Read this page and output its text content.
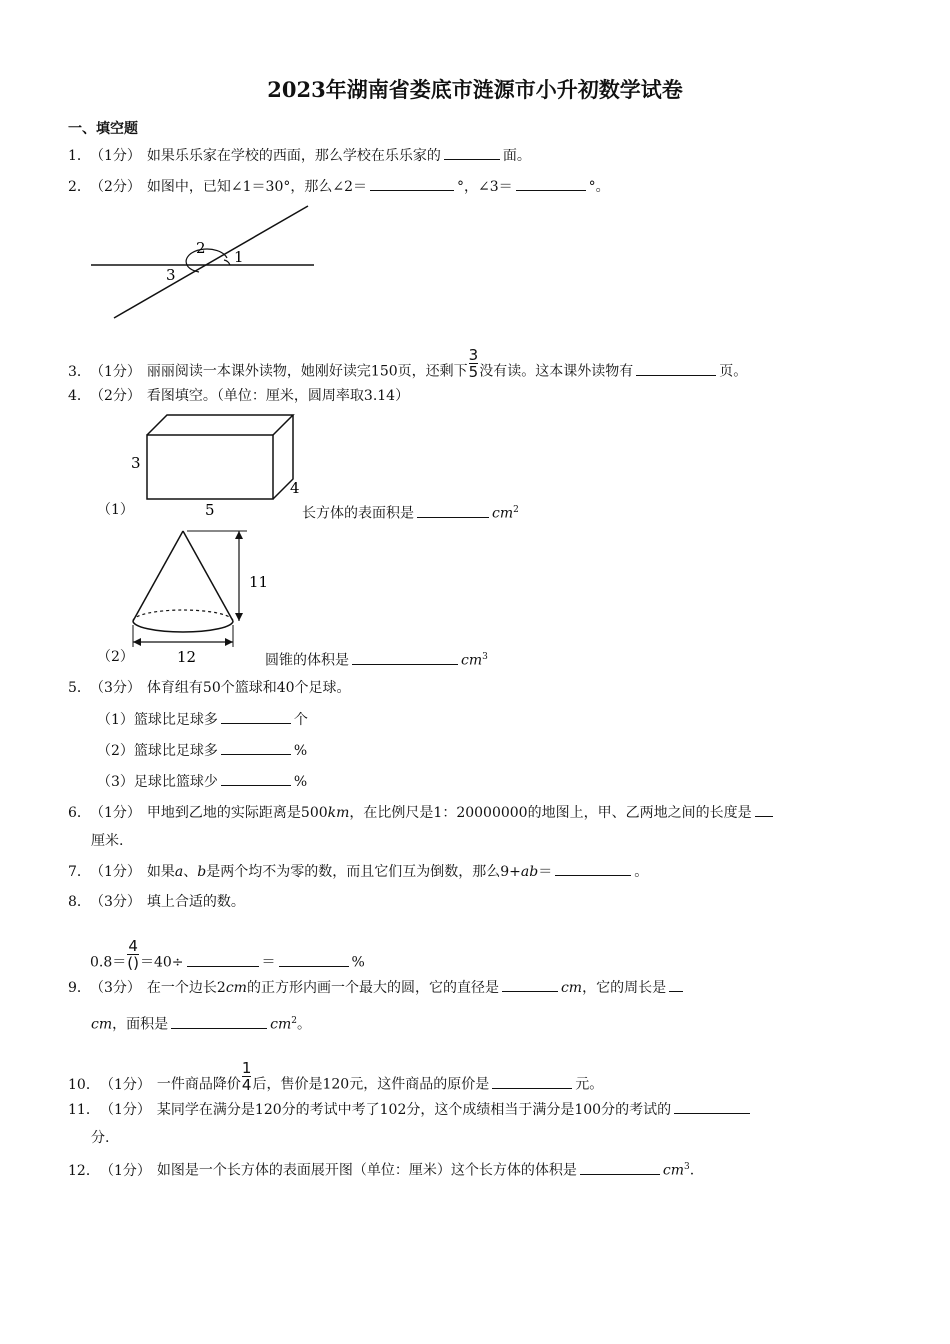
2023年湖南省娄底市涟源市小升初数学试卷
一、填空题
1．（1分） 如果乐乐家在学校的西面，那么学校在乐乐家的	面。
2．（2分） 如图中，已知∠1＝30°，那么∠2＝	°，∠3＝	°。
2 1
3
3．（1分） 丽丽阅读一本课外读物，她刚好读完150页，还剩下$\frac{3}{5}$ 没有读。这本课外读物有	页。
4．（2分） 看图填空。（单位：厘米，圆周率取3.14）
3
5
4
（1）	长方体的表面积是	$cm^2$
11
12
（2）	圆锥的体积是	$cm^3$
5．（3分） 体育组有50个篮球和40个足球。
（1）篮球比足球多	个
（2）篮球比足球多	%
（3）足球比篮球少	%
6．（1分） 甲地到乙地的实际距离是500km，在比例尺是1：20000000的地图上，甲、乙两地之间的长度是
厘米.
7．（1分） 如果a、b是两个均不为零的数，而且它们互为倒数，那么9+ab＝	。
8．（3分） 填上合适的数。
$0.8=\frac{4}{()} =40\div$	＝	%
9．（3分） 在一个边长2cm的正方形内画一个最大的圆，它的直径是	cm，它的周长是
cm，面积是	$cm^2$。
10．（1分） 一件商品降价$\frac{1}{4}$ 后，售价是120元，这件商品的原价是	元。
11．（1分） 某同学在满分是120分的考试中考了102分，这个成绩相当于满分是100分的考试的
分.
12．（1分） 如图是一个长方体的表面展开图（单位：厘米）这个长方体的体积是	$cm^3$.
